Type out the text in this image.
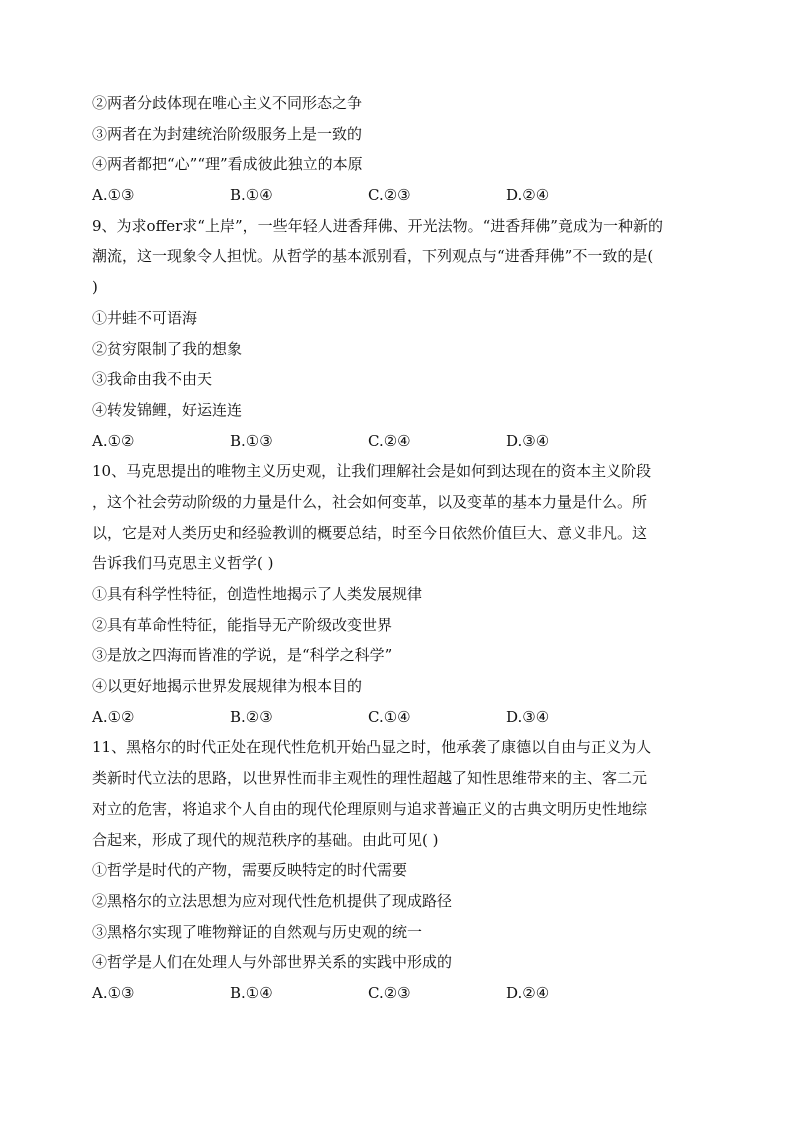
②两者分歧体现在唯心主义不同形态之争
③两者在为封建统治阶级服务上是一致的
④两者都把“心”“理”看成彼此独立的本原
A.①③	B.①④	C.②③	D.②④
9、为求offer求“上岸”，一些年轻人进香拜佛、开光法物。“进香拜佛”竟成为一种新的
潮流，这一现象令人担忧。从哲学的基本派别看，下列观点与“进香拜佛”不一致的是(
)
①井蛙不可语海
②贫穷限制了我的想象
③我命由我不由天
④转发锦鲤，好运连连
A.①②	B.①③	C.②④	D.③④
10、马克思提出的唯物主义历史观，让我们理解社会是如何到达现在的资本主义阶段
，这个社会劳动阶级的力量是什么，社会如何变革，以及变革的基本力量是什么。所
以，它是对人类历史和经验教训的概要总结，时至今日依然价值巨大、意义非凡。这
告诉我们马克思主义哲学( )
①具有科学性特征，创造性地揭示了人类发展规律
②具有革命性特征，能指导无产阶级改变世界
③是放之四海而皆准的学说，是“科学之科学”
④以更好地揭示世界发展规律为根本目的
A.①②	B.②③	C.①④	D.③④
11、黑格尔的时代正处在现代性危机开始凸显之时，他承袭了康德以自由与正义为人
类新时代立法的思路，以世界性而非主观性的理性超越了知性思维带来的主、客二元
对立的危害，将追求个人自由的现代伦理原则与追求普遍正义的古典文明历史性地综
合起来，形成了现代的规范秩序的基础。由此可见( )
①哲学是时代的产物，需要反映特定的时代需要
②黑格尔的立法思想为应对现代性危机提供了现成路径
③黑格尔实现了唯物辩证的自然观与历史观的统一
④哲学是人们在处理人与外部世界关系的实践中形成的
A.①③	B.①④	C.②③	D.②④
